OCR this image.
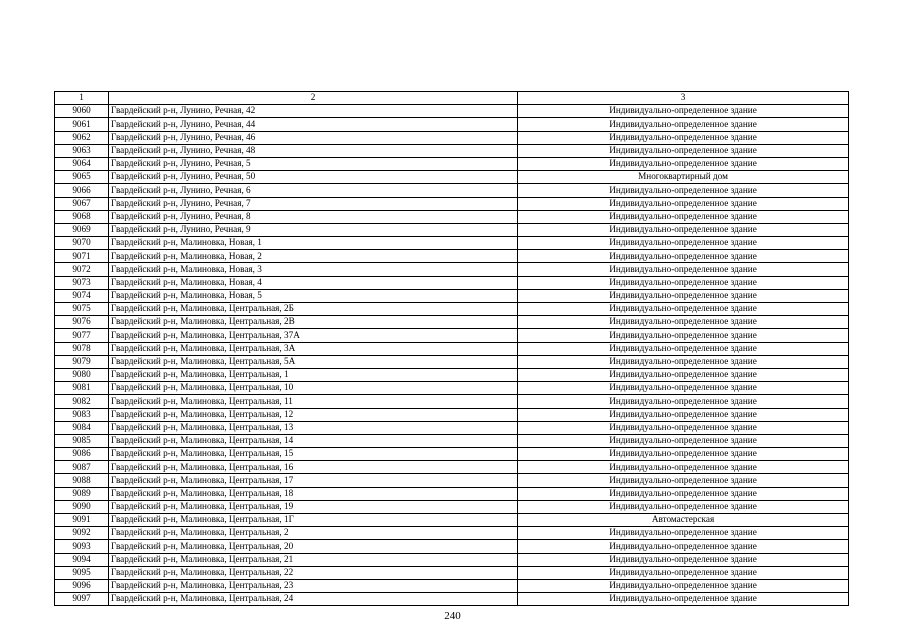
1	2	3
9060	Гвардейский р-н, Лунино, Речная, 42	Индивидуально-определенное здание
9061	Гвардейский р-н, Лунино, Речная, 44	Индивидуально-определенное здание
9062	Гвардейский р-н, Лунино, Речная, 46	Индивидуально-определенное здание
9063	Гвардейский р-н, Лунино, Речная, 48	Индивидуально-определенное здание
9064	Гвардейский р-н, Лунино, Речная, 5	Индивидуально-определенное здание
9065	Гвардейский р-н, Лунино, Речная, 50	Многоквартирный дом
9066	Гвардейский р-н, Лунино, Речная, 6	Индивидуально-определенное здание
9067	Гвардейский р-н, Лунино, Речная, 7	Индивидуально-определенное здание
9068	Гвардейский р-н, Лунино, Речная, 8	Индивидуально-определенное здание
9069	Гвардейский р-н, Лунино, Речная, 9	Индивидуально-определенное здание
9070	Гвардейский р-н, Малиновка, Новая, 1	Индивидуально-определенное здание
9071	Гвардейский р-н, Малиновка, Новая, 2	Индивидуально-определенное здание
9072	Гвардейский р-н, Малиновка, Новая, 3	Индивидуально-определенное здание
9073	Гвардейский р-н, Малиновка, Новая, 4	Индивидуально-определенное здание
9074	Гвардейский р-н, Малиновка, Новая, 5	Индивидуально-определенное здание
9075	Гвардейский р-н, Малиновка, Центральная, 2Б	Индивидуально-определенное здание
9076	Гвардейский р-н, Малиновка, Центральная, 2В	Индивидуально-определенное здание
9077	Гвардейский р-н, Малиновка, Центральная, 37А	Индивидуально-определенное здание
9078	Гвардейский р-н, Малиновка, Центральная, 3А	Индивидуально-определенное здание
9079	Гвардейский р-н, Малиновка, Центральная, 5А	Индивидуально-определенное здание
9080	Гвардейский р-н, Малиновка, Центральная, 1	Индивидуально-определенное здание
9081	Гвардейский р-н, Малиновка, Центральная, 10	Индивидуально-определенное здание
9082	Гвардейский р-н, Малиновка, Центральная, 11	Индивидуально-определенное здание
9083	Гвардейский р-н, Малиновка, Центральная, 12	Индивидуально-определенное здание
9084	Гвардейский р-н, Малиновка, Центральная, 13	Индивидуально-определенное здание
9085	Гвардейский р-н, Малиновка, Центральная, 14	Индивидуально-определенное здание
9086	Гвардейский р-н, Малиновка, Центральная, 15	Индивидуально-определенное здание
9087	Гвардейский р-н, Малиновка, Центральная, 16	Индивидуально-определенное здание
9088	Гвардейский р-н, Малиновка, Центральная, 17	Индивидуально-определенное здание
9089	Гвардейский р-н, Малиновка, Центральная, 18	Индивидуально-определенное здание
9090	Гвардейский р-н, Малиновка, Центральная, 19	Индивидуально-определенное здание
9091	Гвардейский р-н, Малиновка, Центральная, 1Г	Автомастерская
9092	Гвардейский р-н, Малиновка, Центральная, 2	Индивидуально-определенное здание
9093	Гвардейский р-н, Малиновка, Центральная, 20	Индивидуально-определенное здание
9094	Гвардейский р-н, Малиновка, Центральная, 21	Индивидуально-определенное здание
9095	Гвардейский р-н, Малиновка, Центральная, 22	Индивидуально-определенное здание
9096	Гвардейский р-н, Малиновка, Центральная, 23	Индивидуально-определенное здание
9097	Гвардейский р-н, Малиновка, Центральная, 24	Индивидуально-определенное здание
240
